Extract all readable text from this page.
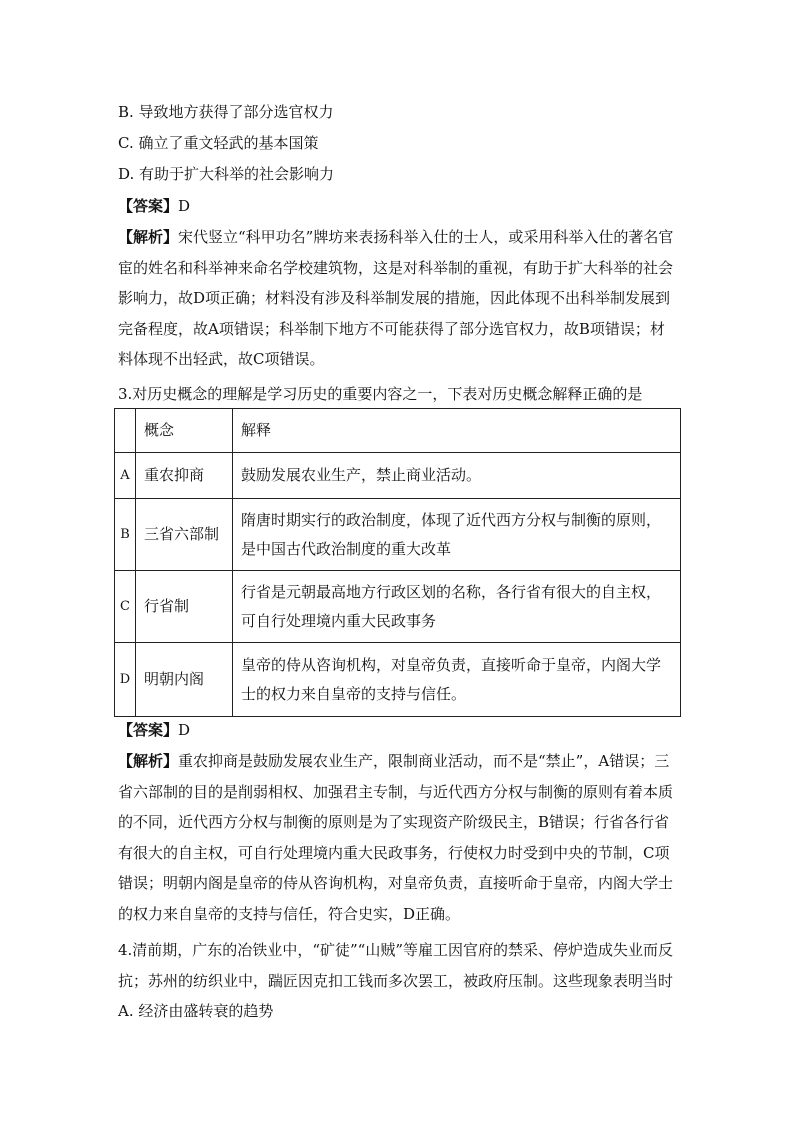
B. 导致地方获得了部分选官权力
C. 确立了重文轻武的基本国策
D. 有助于扩大科举的社会影响力
【答案】D
【解析】宋代竖立“科甲功名”牌坊来表扬科举入仕的士人，或采用科举入仕的著名官宦的姓名和科举神来命名学校建筑物，这是对科举制的重视，有助于扩大科举的社会影响力，故D项正确；材料没有涉及科举制发展的措施，因此体现不出科举制发展到完备程度，故A项错误；科举制下地方不可能获得了部分选官权力，故B项错误；材料体现不出轻武，故C项错误。
3.对历史概念的理解是学习历史的重要内容之一，下表对历史概念解释正确的是
	概念	解释
A	重农抑商	鼓励发展农业生产，禁止商业活动。
B	三省六部制	隋唐时期实行的政治制度，体现了近代西方分权与制衡的原则，是中国古代政治制度的重大改革
C	行省制	行省是元朝最高地方行政区划的名称，各行省有很大的自主权，可自行处理境内重大民政事务
D	明朝内阁	皇帝的侍从咨询机构，对皇帝负责，直接听命于皇帝，内阁大学士的权力来自皇帝的支持与信任。
【答案】D
【解析】重农抑商是鼓励发展农业生产，限制商业活动，而不是“禁止”，A错误；三省六部制的目的是削弱相权、加强君主专制，与近代西方分权与制衡的原则有着本质的不同，近代西方分权与制衡的原则是为了实现资产阶级民主，B错误；行省各行省有很大的自主权，可自行处理境内重大民政事务，行使权力时受到中央的节制，C项错误；明朝内阁是皇帝的侍从咨询机构，对皇帝负责，直接听命于皇帝，内阁大学士的权力来自皇帝的支持与信任，符合史实，D正确。
4.清前期，广东的冶铁业中，“矿徒”“山贼”等雇工因官府的禁采、停炉造成失业而反抗；苏州的纺织业中，踹匠因克扣工钱而多次罢工，被政府压制。这些现象表明当时
A. 经济由盛转衰的趋势
